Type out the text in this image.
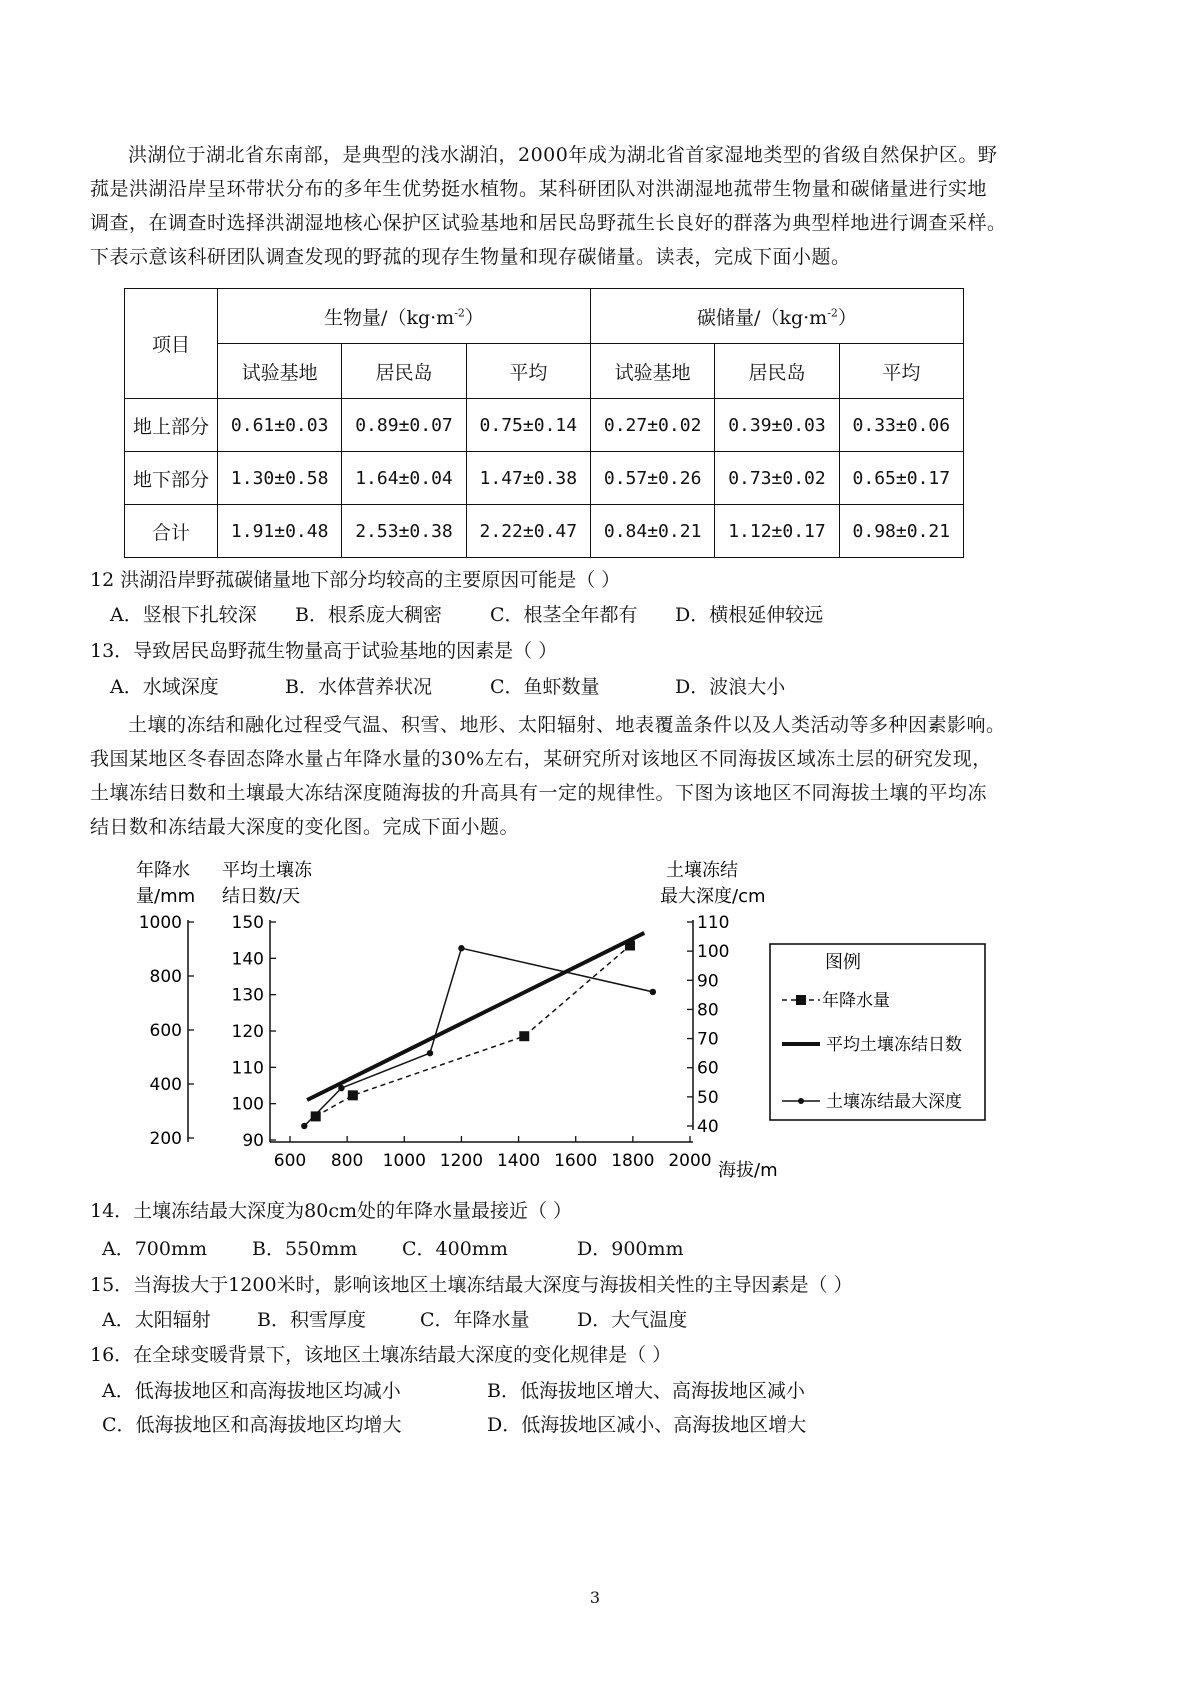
洪湖位于湖北省东南部，是典型的浅水湖泊，2000年成为湖北省首家湿地类型的省级自然保护区。野
菰是洪湖沿岸呈环带状分布的多年生优势挺水植物。某科研团队对洪湖湿地菰带生物量和碳储量进行实地
调查，在调查时选择洪湖湿地核心保护区试验基地和居民岛野菰生长良好的群落为典型样地进行调查采样。
下表示意该科研团队调查发现的野菰的现存生物量和现存碳储量。读表，完成下面小题。
项目	生物量$/(kg\cdot m^{-2})$			碳储量$/(kg\cdot m^{-2})$		
	试验基地	居民岛	平均	试验基地	居民岛	平均
地上部分	0.61±0.03	0.89±0.07	0.75±0.14	0.27±0.02	0.39±0.03	0.33±0.06
地下部分	1.30±0.58	1.64±0.04	1.47±0.38	0.57±0.26	0.73±0.02	0.65±0.17
合计	1.91±0.48	2.53±0.38	2.22±0.47	0.84±0.21	1.12±0.17	0.98±0.21
12 洪湖沿岸野菰碳储量地下部分均较高的主要原因可能是（ ）
A．竖根下扎较深 B．根系庞大稠密	C．根茎全年都有 D．横根延伸较远
13．导致居民岛野菰生物量高于试验基地的因素是（ ）
A．水域深度	B．水体营养状况	C．鱼虾数量	D．波浪大小
土壤的冻结和融化过程受气温、积雪、地形、太阳辐射、地表覆盖条件以及人类活动等多种因素影响。
我国某地区冬春固态降水量占年降水量的30%左右，某研究所对该地区不同海拔区域冻土层的研究发现，
土壤冻结日数和土壤最大冻结深度随海拔的升高具有一定的规律性。下图为该地区不同海拔土壤的平均冻
结日数和冻结最大深度的变化图。完成下面小题。
200
400
600
800
1000
90
100
110
120
130
140
150
40
50
60
70
80
90
100
110
600 800 1000 1200 1400 1600 1800 2000
年降水
量/mm
平均土壤冻
结日数/天
土壤冻结
最大深度/cm
海拔/m
图例
年降水量
平均土壤冻结日数
土壤冻结最大深度
14．土壤冻结最大深度为80cm处的年降水量最接近（ ）
A．700mm B．550mm C．400mm	D．900mm
15．当海拔大于1200米时，影响该地区土壤冻结最大深度与海拔相关性的主导因素是（ ）
A．太阳辐射 B．积雪厚度	C．年降水量 D．大气温度
16．在全球变暖背景下，该地区土壤冻结最大深度的变化规律是（ ）
A．低海拔地区和高海拔地区均减小	B．低海拔地区增大、高海拔地区减小
C．低海拔地区和高海拔地区均增大	D．低海拔地区减小、高海拔地区增大
3
